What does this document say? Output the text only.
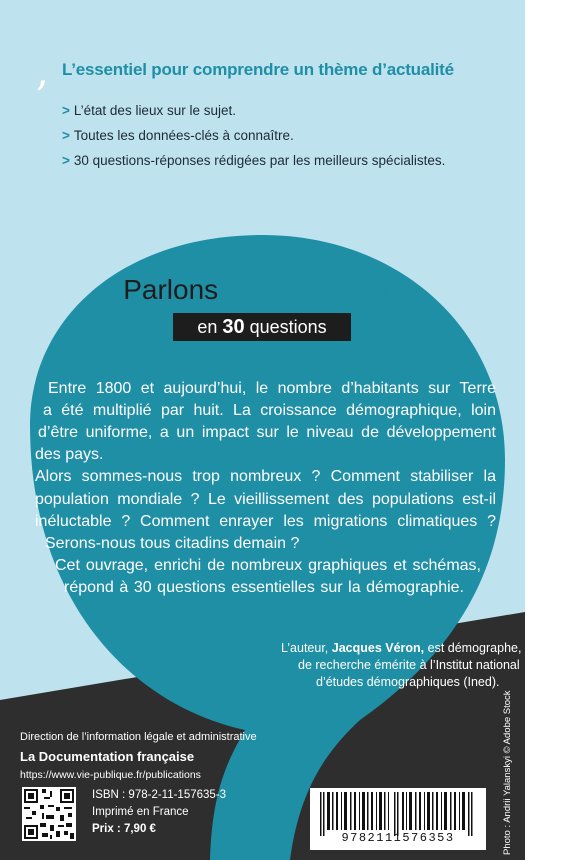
, L’essentiel pour comprendre un thème d’actualité
> L’état des lieux sur le sujet.
> Toutes les données-clés à connaître.
> 30 questions-réponses rédigées par les meilleurs spécialistes.
Parlons démographie
en 30 questions

Entre 1800 et aujourd’hui, le nombre d’habitants sur Terre

a été multiplié par huit. La croissance démographique, loin

d’être uniforme, a un impact sur le niveau de développement

des pays.

Alors sommes-nous trop nombreux ? Comment stabiliser la

population mondiale ? Le vieillissement des populations est-il

inéluctable ? Comment enrayer les migrations climatiques ?

Serons-nous tous citadins demain ?

Cet ouvrage, enrichi de nombreux graphiques et schémas,

répond à 30 questions essentielles sur la démographie.

L’auteur, Jacques Véron, est démographe, directeur

de recherche émérite à l’Institut national

d’études démographiques (Ined).

Direction de l’information légale et administrative
La Documentation française
https://www.vie-publique.fr/publications
ISBN : 978-2-11-157635-3
Imprimé en France
Prix : 7,90 €
9782111576353	Photo : Andrii Yalanskyi © Adobe Stock
